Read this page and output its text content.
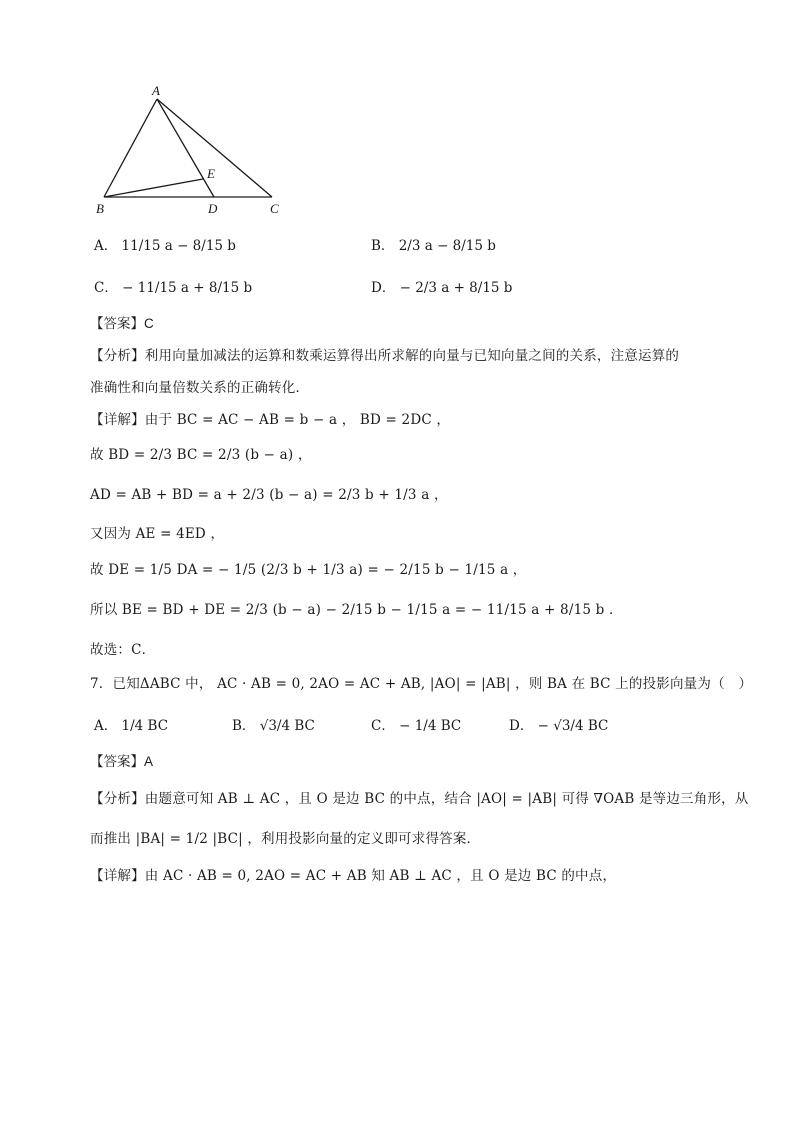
A
B	C
D
E
A． 11/15 a − 8/15 b	B． 2/3 a − 8/15 b
C． − 11/15 a + 8/15 b	D． − 2/3 a + 8/15 b
【答案】C
【分析】利用向量加减法的运算和数乘运算得出所求解的向量与已知向量之间的关系，注意运算的
准确性和向量倍数关系的正确转化．
【详解】由于 BC = AC − AB = b − a ， BD = 2DC ，
故 BD = 2/3 BC = 2/3 (b − a) ，
AD = AB + BD = a + 2/3 (b − a) = 2/3 b + 1/3 a ，
又因为 AE = 4ED ，
故 DE = 1/5 DA = − 1/5 (2/3 b + 1/3 a) = − 2/15 b − 1/15 a ，
所以 BE = BD + DE = 2/3 (b − a) − 2/15 b − 1/15 a = − 11/15 a + 8/15 b ．
故选：C．
7．已知ΔABC 中， AC · AB = 0, 2AO = AC + AB, |AO| = |AB| ，则 BA 在 BC 上的投影向量为（　）
A． 1/4 BC	B． √3/4 BC	C． − 1/4 BC	D． − √3/4 BC
【答案】A
【分析】由题意可知 AB ⊥ AC ，且 O 是边 BC 的中点，结合 |AO| = |AB| 可得 ∇OAB 是等边三角形，从
而推出 |BA| = 1/2 |BC| ，利用投影向量的定义即可求得答案．
【详解】由 AC · AB = 0, 2AO = AC + AB 知 AB ⊥ AC ，且 O 是边 BC 的中点，
